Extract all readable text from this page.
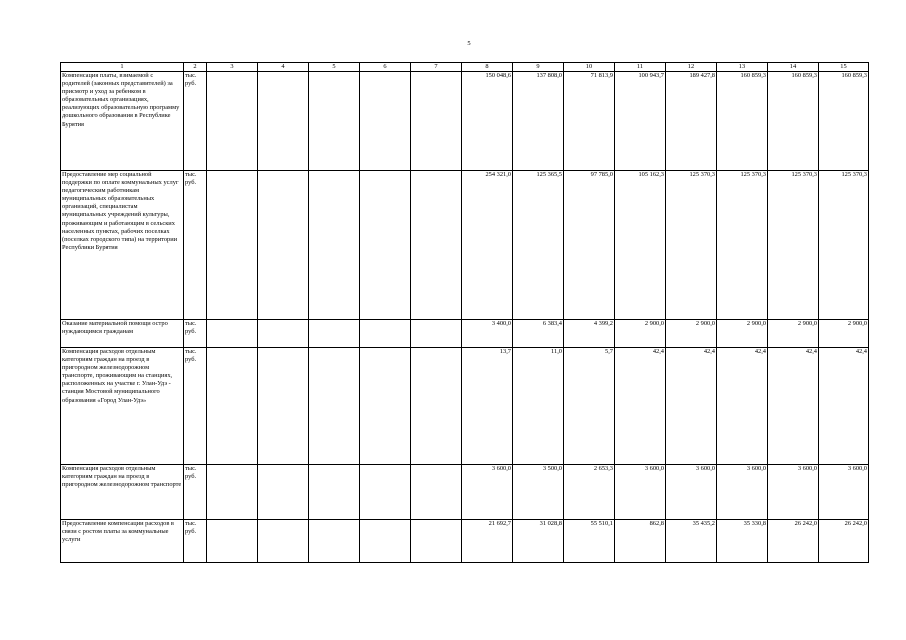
5
1	2	3	4	5	6	7	8	9	10	11	12	13	14	15
Компенсация платы, взимаемой с родителей (законных представителей) за присмотр и уход за ребенком в образовательных организациях, реализующих образовательную программу дошкольного образования в Республике Бурятия	тыс. руб.						150 048,6	137 808,0	71 813,9	100 943,7	189 427,8	160 859,3	160 859,3	160 859,3
Предоставление мер социальной поддержки по оплате коммунальных услуг педагогическим работникам муниципальных образовательных организаций, специалистам муниципальных учреждений культуры, проживающим и работающим в сельских населенных пунктах, рабочих поселках (поселках городского типа) на территории Республики Бурятия	тыс. руб.						254 321,0	125 365,5	97 785,0	105 162,3	125 370,3	125 370,3	125 370,3	125 370,3
Оказание материальной помощи остро нуждающимся гражданам	тыс. руб.						3 400,0	6 383,4	4 399,2	2 900,0	2 900,0	2 900,0	2 900,0	2 900,0
Компенсация расходов отдельным категориям граждан на проезд в пригородном железнодорожном транспорте, проживающим на станциях, расположенных на участке г. Улан-Удэ - станция Мостовой муниципального образования «Город Улан-Удэ»	тыс. руб.						13,7	11,0	5,7	42,4	42,4	42,4	42,4	42,4
Компенсация расходов отдельным категориям граждан на проезд в пригородном железнодорожном транспорте	тыс. руб.						3 600,0	3 500,0	2 653,3	3 600,0	3 600,0	3 600,0	3 600,0	3 600,0
Предоставление компенсации расходов в связи с ростом платы за коммунальные услуги	тыс. руб.						21 692,7	31 028,8	55 510,1	862,8	35 435,2	35 330,8	26 242,0	26 242,0
